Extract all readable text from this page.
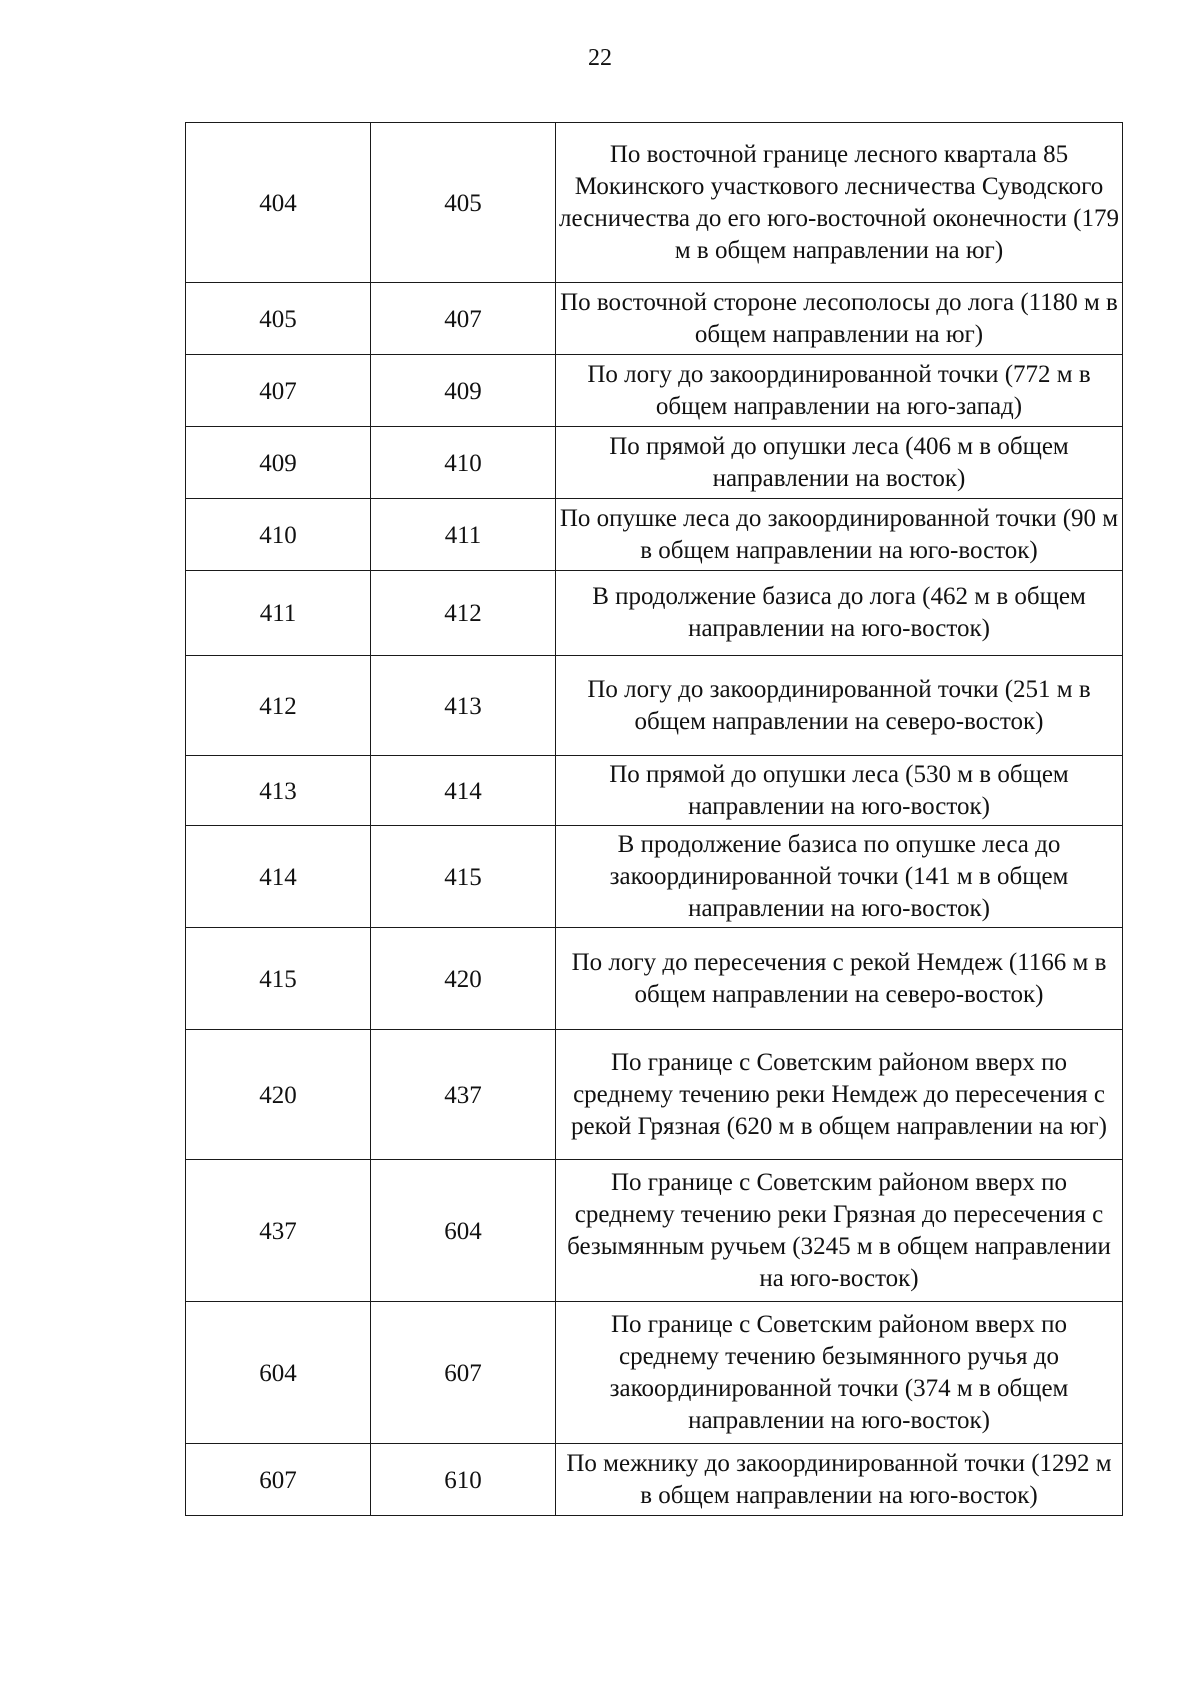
22
404	405	По восточной границе лесного квартала 85 Мокинского участкового лесничества Суводского лесничества до его юго-восточной оконечности (179 м в общем направлении на юг)
405	407	По восточной стороне лесополосы до лога (1180 м в общем направлении на юг)
407	409	По логу до закоординированной точки (772 м в общем направлении на юго-запад)
409	410	По прямой до опушки леса (406 м в общем направлении на восток)
410	411	По опушке леса до закоординированной точки (90 м в общем направлении на юго-восток)
411	412	В продолжение базиса до лога (462 м в общем направлении на юго-восток)
412	413	По логу до закоординированной точки (251 м в общем направлении на северо-восток)
413	414	По прямой до опушки леса (530 м в общем направлении на юго-восток)
414	415	В продолжение базиса по опушке леса до закоординированной точки (141 м в общем направлении на юго-восток)
415	420	По логу до пересечения с рекой Немдеж (1166 м в общем направлении на северо-восток)
420	437	По границе с Советским районом вверх по среднему течению реки Немдеж до пересечения с рекой Грязная (620 м в общем направлении на юг)
437	604	По границе с Советским районом вверх по среднему течению реки Грязная до пересечения с безымянным ручьем (3245 м в общем направлении на юго-восток)
604	607	По границе с Советским районом вверх по среднему течению безымянного ручья до закоординированной точки (374 м в общем направлении на юго-восток)
607	610	По межнику до закоординированной точки (1292 м в общем направлении на юго-восток)
